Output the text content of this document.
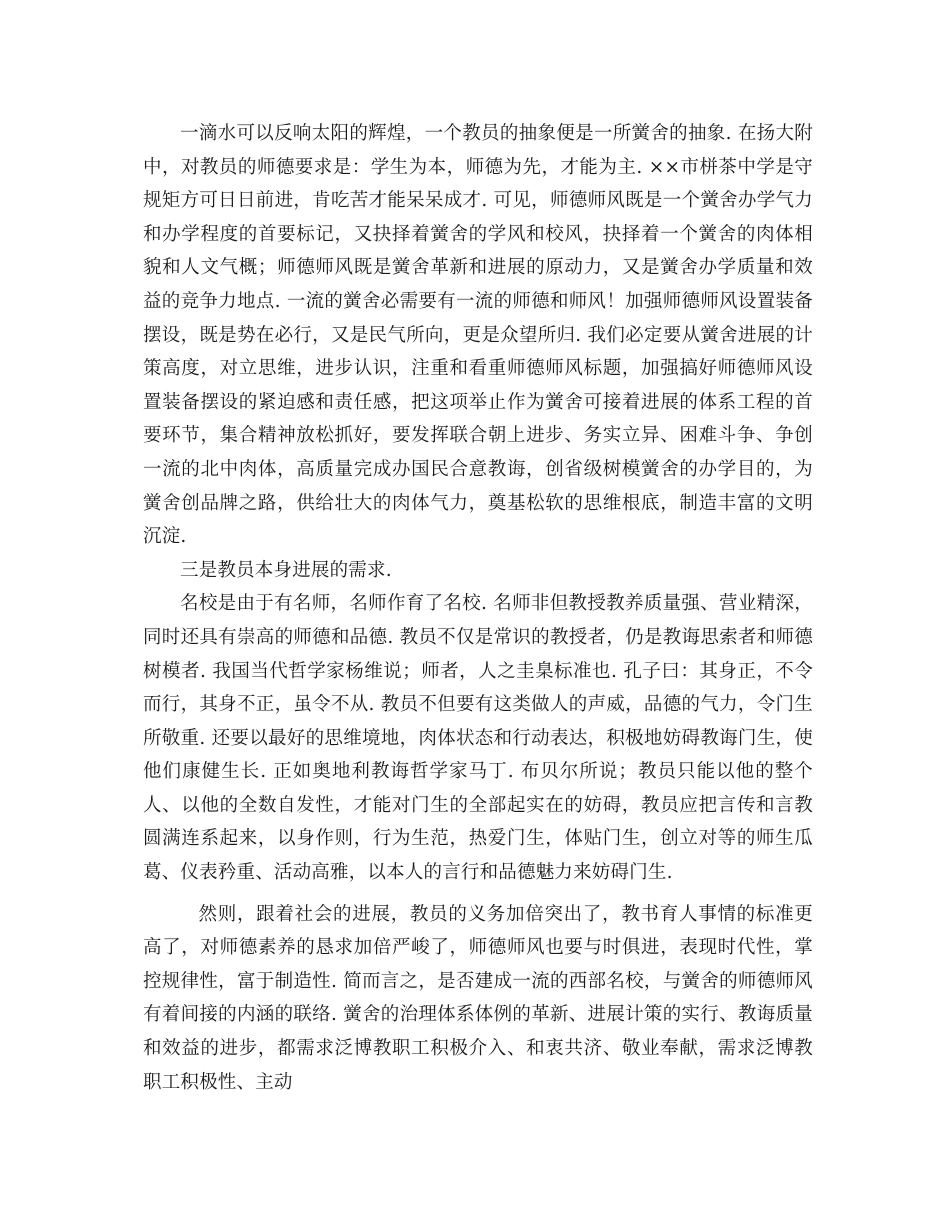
一滴水可以反响太阳的辉煌，一个教员的抽象便是一所黉舍的抽象. 在扬大附中，对教员的师德要求是：学生为本，师德为先，才能为主. ××市栟茶中学是守规矩方可日日前进，肯吃苦才能呆呆成才. 可见，师德师风既是一个黉舍办学气力和办学程度的首要标记，又抉择着黉舍的学风和校风，抉择着一个黉舍的肉体相貌和人文气概；师德师风既是黉舍革新和进展的原动力，又是黉舍办学质量和效益的竞争力地点. 一流的黉舍必需要有一流的师德和师风！加强师德师风设置装备摆设，既是势在必行，又是民气所向，更是众望所归. 我们必定要从黉舍进展的计策高度，对立思维，进步认识，注重和看重师德师风标题，加强搞好师德师风设置装备摆设的紧迫感和责任感，把这项举止作为黉舍可接着进展的体系工程的首要环节，集合精神放松抓好，要发挥联合朝上进步、务实立异、困难斗争、争创一流的北中肉体，高质量完成办国民合意教诲，创省级树模黉舍的办学目的，为黉舍创品牌之路，供给壮大的肉体气力，奠基松软的思维根底，制造丰富的文明沉淀.

三是教员本身进展的需求.

名校是由于有名师，名师作育了名校. 名师非但教授教养质量强、营业精深，同时还具有崇高的师德和品德. 教员不仅是常识的教授者，仍是教诲思索者和师德树模者. 我国当代哲学家杨维说；师者，人之圭臬标准也. 孔子曰：其身正，不令而行，其身不正，虽令不从. 教员不但要有这类做人的声威，品德的气力，令门生所敬重. 还要以最好的思维境地，肉体状态和行动表达，积极地妨碍教诲门生，使他们康健生长. 正如奥地利教诲哲学家马丁. 布贝尔所说；教员只能以他的整个人、以他的全数自发性，才能对门生的全部起实在的妨碍，教员应把言传和言教圆满连系起来，以身作则，行为生范，热爱门生，体贴门生，创立对等的师生瓜葛、仪表矜重、活动高雅，以本人的言行和品德魅力来妨碍门生.

然则，跟着社会的进展，教员的义务加倍突出了，教书育人事情的标准更高了，对师德素养的恳求加倍严峻了，师德师风也要与时俱进，表现时代性，掌控规律性，富于制造性. 简而言之，是否建成一流的西部名校，与黉舍的师德师风有着间接的内涵的联络. 黉舍的治理体系体例的革新、进展计策的实行、教诲质量和效益的进步，都需求泛博教职工积极介入、和衷共济、敬业奉献，需求泛博教职工积极性、主动
